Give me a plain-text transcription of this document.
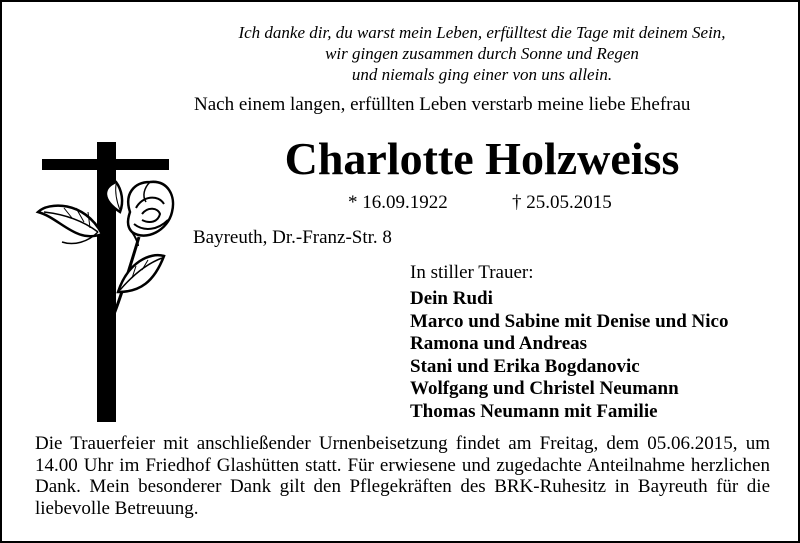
Ich danke dir, du warst mein Leben, erfülltest die Tage mit deinem Sein,
wir gingen zusammen durch Sonne und Regen
und niemals ging einer von uns allein.
Nach einem langen, erfüllten Leben verstarb meine liebe Ehefrau
Charlotte Holzweiss
* 16.09.1922	† 25.05.2015
Bayreuth, Dr.-Franz-Str. 8
In stiller Trauer:
Dein Rudi
Marco und Sabine mit Denise und Nico
Ramona und Andreas
Stani und Erika Bogdanovic
Wolfgang und Christel Neumann
Thomas Neumann mit Familie

Die Trauerfeier mit anschließender Urnenbeisetzung findet am Freitag, dem 05.06.2015, um 14.00 Uhr im Friedhof Glashütten statt. Für erwiesene und zugedachte Anteilnahme herzlichen Dank. Mein besonderer Dank gilt den Pflegekräften des BRK-Ruhesitz in Bayreuth für die liebevolle Betreuung.
